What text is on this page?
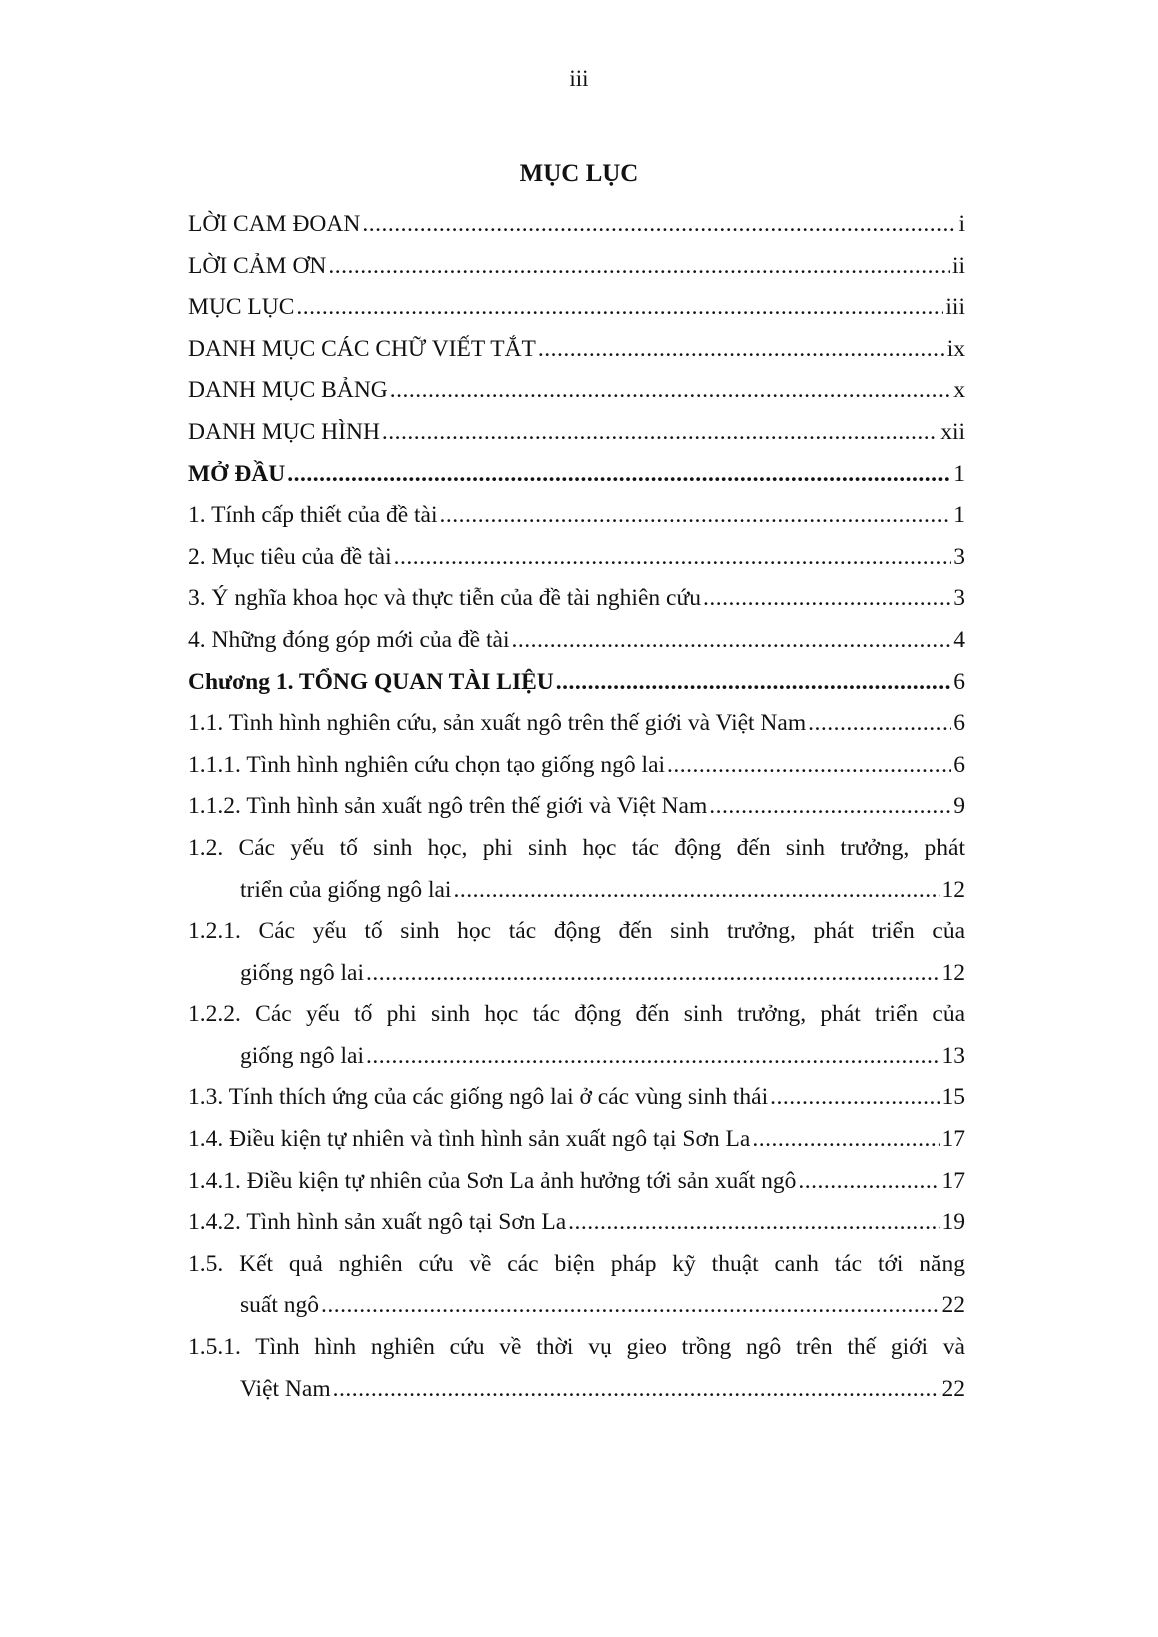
iii
MỤC LỤC
LỜI CAM ĐOAN .....	i
LỜI CẢM ƠN .....	ii
MỤC LỤC .....	iii
DANH MỤC CÁC CHỮ VIẾT TẮT .....	ix
DANH MỤC BẢNG .....	x
DANH MỤC HÌNH .....	xii
MỞ ĐẦU .....	1
1. Tính cấp thiết của đề tài .....	1
2. Mục tiêu của đề tài .....	3
3. Ý nghĩa khoa học và thực tiễn của đề tài nghiên cứu .....	3
4. Những đóng góp mới của đề tài .....	4
Chương 1. TỔNG QUAN TÀI LIỆU .....	6
1.1. Tình hình nghiên cứu, sản xuất ngô trên thế giới và Việt Nam .....	6
1.1.1. Tình hình nghiên cứu chọn tạo giống ngô lai .....	6
1.1.2. Tình hình sản xuất ngô trên thế giới và Việt Nam .....	9
1.2. Các yếu tố sinh học, phi sinh học tác động đến sinh trưởng, phát
triển của giống ngô lai .....	12
1.2.1. Các yếu tố sinh học tác động đến sinh trưởng, phát triển của
giống ngô lai .....	12
1.2.2. Các yếu tố phi sinh học tác động đến sinh trưởng, phát triển của
giống ngô lai .....	13
1.3. Tính thích ứng của các giống ngô lai ở các vùng sinh thái .....	15
1.4. Điều kiện tự nhiên và tình hình sản xuất ngô tại Sơn La .....	17
1.4.1. Điều kiện tự nhiên của Sơn La ảnh hưởng tới sản xuất ngô .....	17
1.4.2. Tình hình sản xuất ngô tại Sơn La .....	19
1.5. Kết quả nghiên cứu về các biện pháp kỹ thuật canh tác tới năng
suất ngô .....	22
1.5.1. Tình hình nghiên cứu về thời vụ gieo trồng ngô trên thế giới và
Việt Nam .....	22
